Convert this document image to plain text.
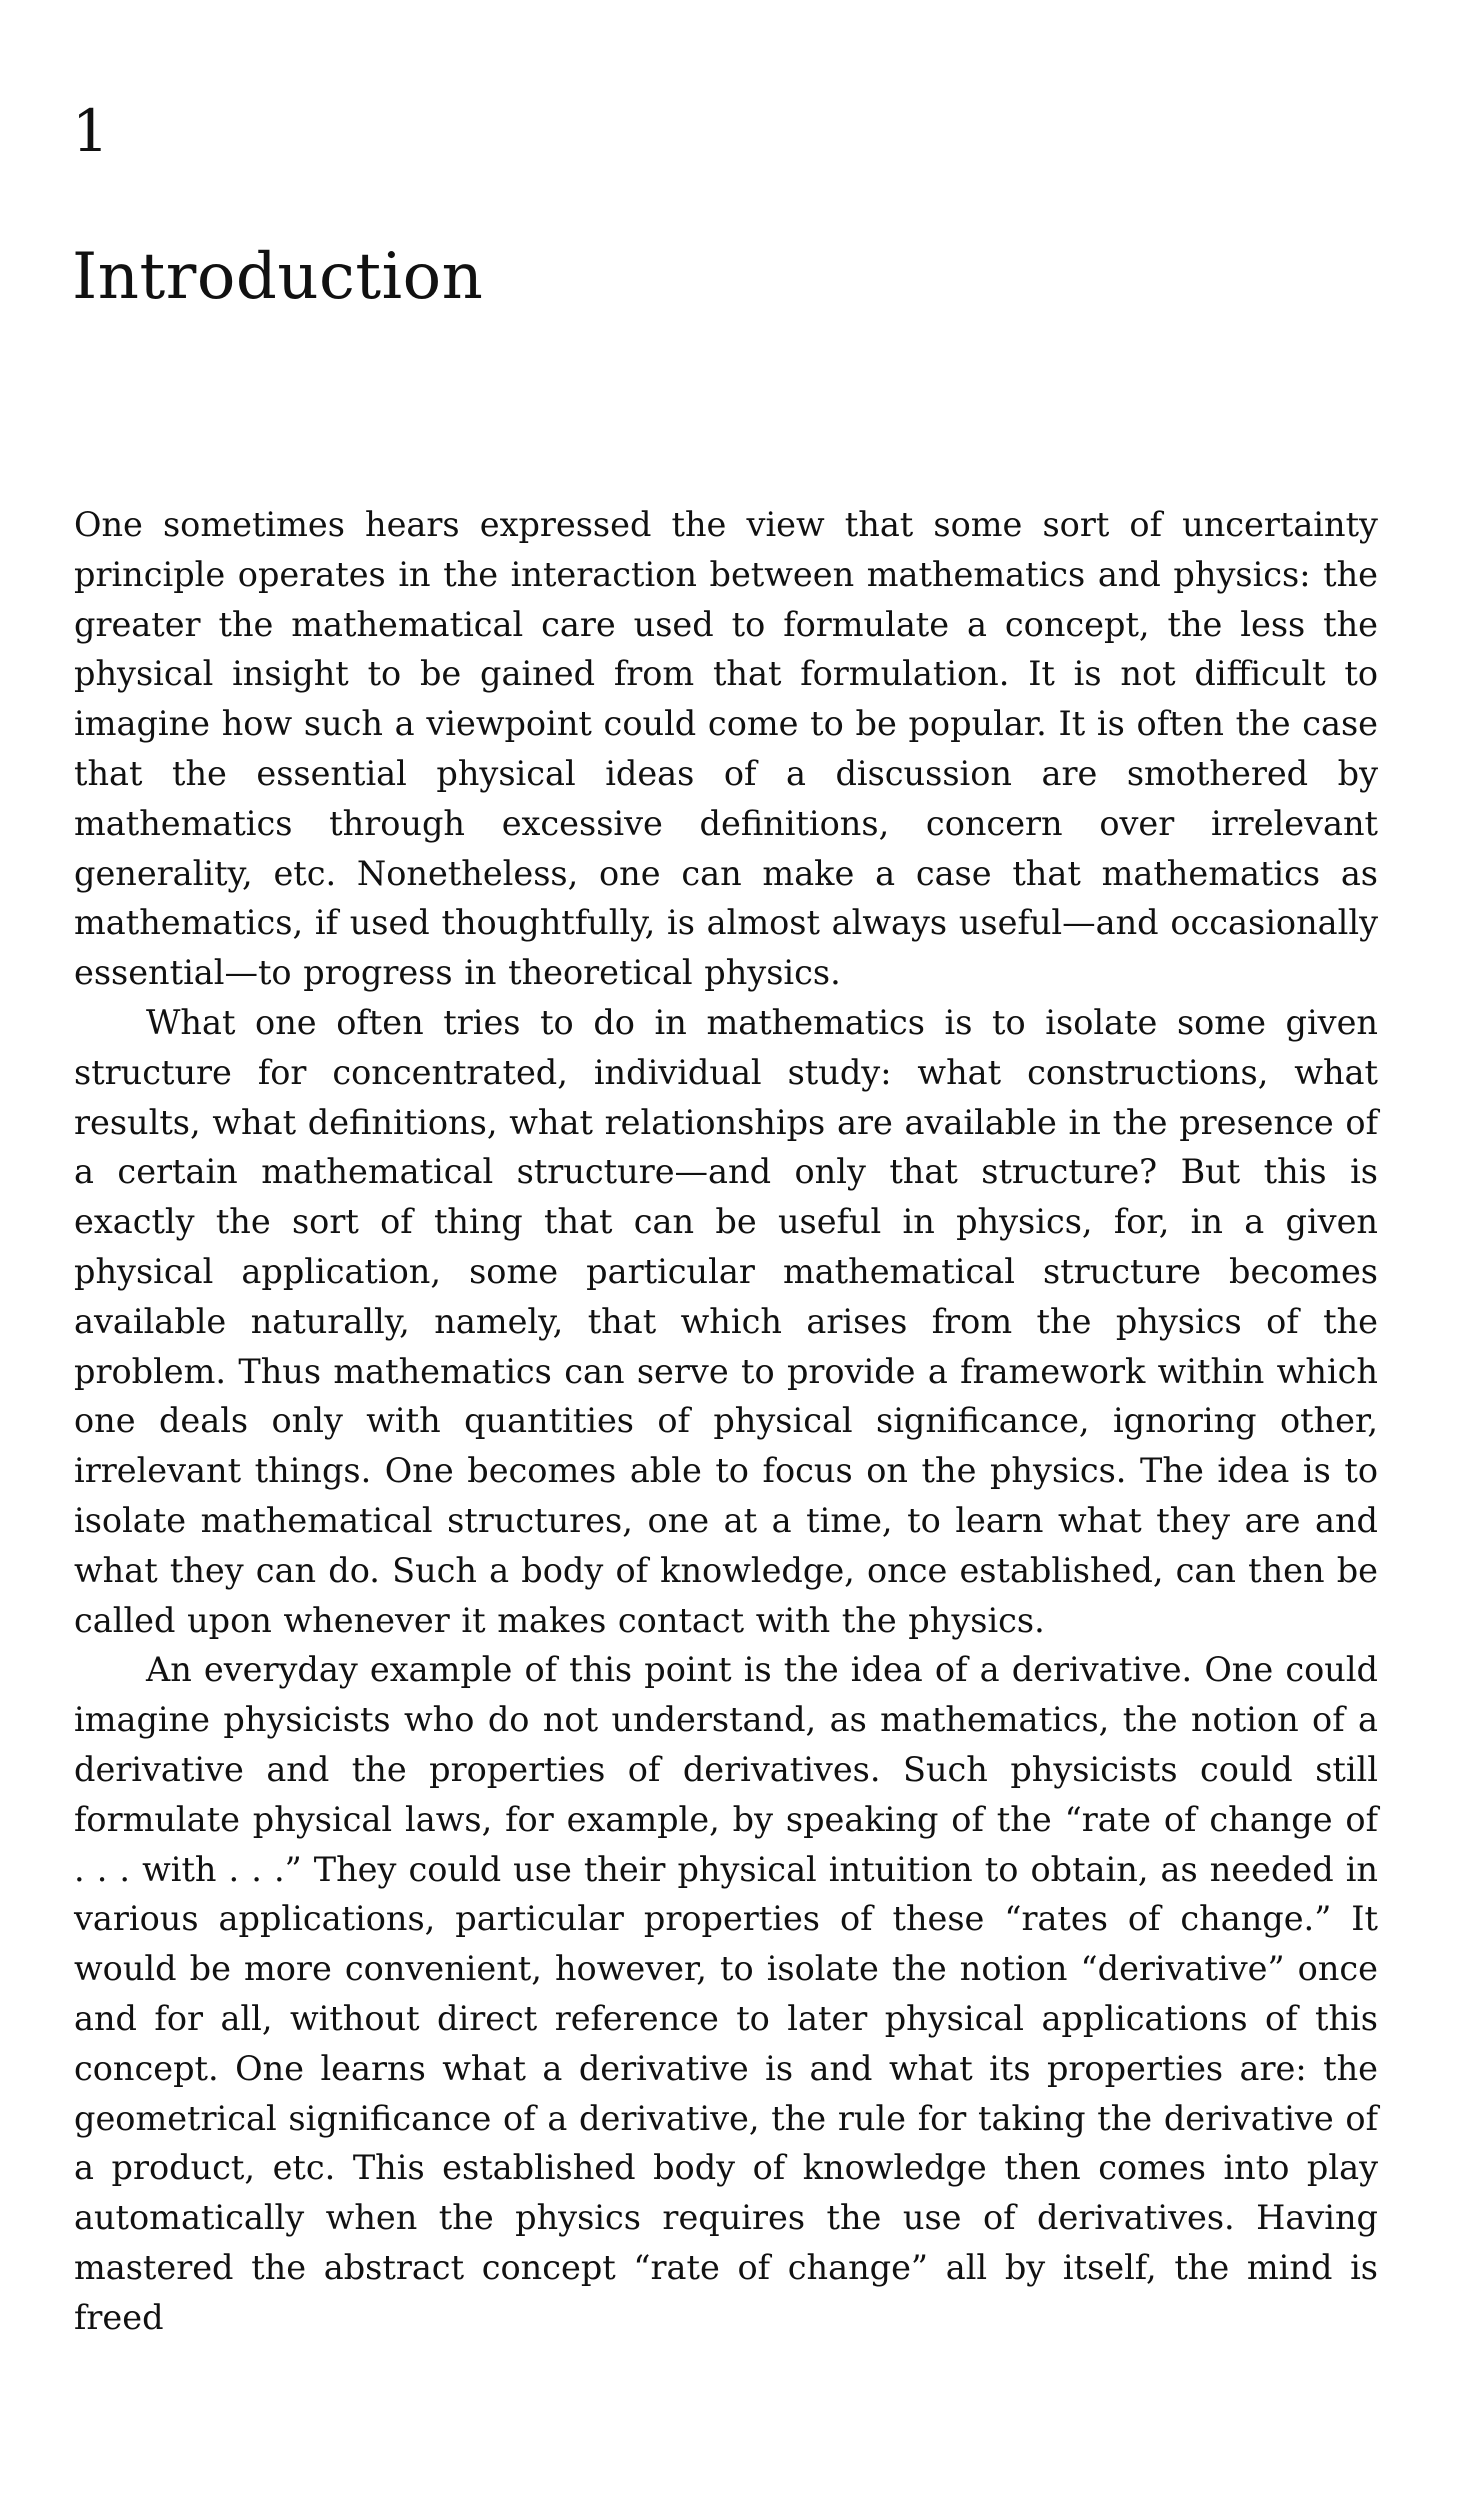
1
Introduction

One sometimes hears expressed the view that some sort of uncertainty principle operates in the interaction between mathematics and physics: the greater the mathematical care used to formulate a concept, the less the physical insight to be gained from that formulation. It is not difficult to imagine how such a viewpoint could come to be popular. It is often the case that the essential physical ideas of a discussion are smothered by mathematics through excessive definitions, concern over irrelevant generality, etc. Nonetheless, one can make a case that mathematics as mathematics, if used thoughtfully, is almost always useful—and occasionally essential—to progress in theoretical physics.

What one often tries to do in mathematics is to isolate some given structure for concentrated, individual study: what constructions, what results, what definitions, what relationships are available in the presence of a certain mathematical structure—and only that structure? But this is exactly the sort of thing that can be useful in physics, for, in a given physical application, some particular mathematical structure becomes available naturally, namely, that which arises from the physics of the problem. Thus mathematics can serve to provide a framework within which one deals only with quantities of physical significance, ignoring other, irrelevant things. One becomes able to focus on the physics. The idea is to isolate mathematical structures, one at a time, to learn what they are and what they can do. Such a body of knowledge, once established, can then be called upon whenever it makes contact with the physics.

An everyday example of this point is the idea of a derivative. One could imagine physicists who do not understand, as mathematics, the notion of a derivative and the properties of derivatives. Such physicists could still formulate physical laws, for example, by speaking of the “rate of change of . . . with . . .” They could use their physical intuition to obtain, as needed in various applications, particular properties of these “rates of change.” It would be more convenient, however, to isolate the notion “derivative” once and for all, without direct reference to later physical applications of this concept. One learns what a derivative is and what its properties are: the geometrical significance of a derivative, the rule for taking the derivative of a product, etc. This established body of knowledge then comes into play automatically when the physics requires the use of derivatives. Having mastered the abstract concept “rate of change” all by itself, the mind is freed
